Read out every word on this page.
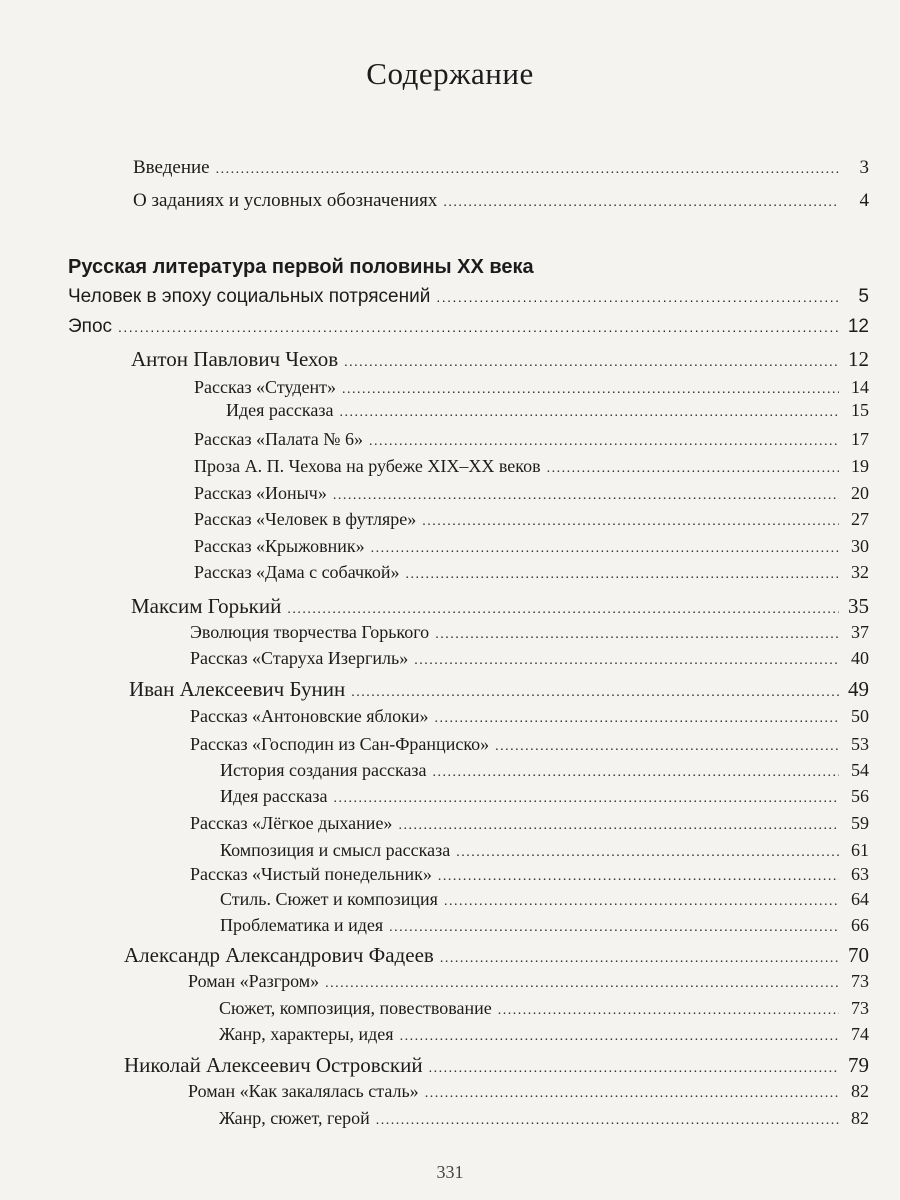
Содержание
Русская литература первой половины XX века
Введение .....	3
О заданиях и условных обозначениях .....	4
Человек в эпоху социальных потрясений .....	5
Эпос .....	12
Антон Павлович Чехов .....	12
Рассказ «Студент» .....	14
Идея рассказа .....	15
Рассказ «Палата № 6» .....	17
Проза А. П. Чехова на рубеже XIX–XX веков .....	19
Рассказ «Ионыч» .....	20
Рассказ «Человек в футляре» .....	27
Рассказ «Крыжовник» .....	30
Рассказ «Дама с собачкой» .....	32
Максим Горький .....	35
Эволюция творчества Горького .....	37
Рассказ «Старуха Изергиль» .....	40
Иван Алексеевич Бунин .....	49
Рассказ «Антоновские яблоки» .....	50
Рассказ «Господин из Сан-Франциско» .....	53
История создания рассказа .....	54
Идея рассказа .....	56
Рассказ «Лёгкое дыхание» .....	59
Композиция и смысл рассказа .....	61
Рассказ «Чистый понедельник» .....	63
Стиль. Сюжет и композиция .....	64
Проблематика и идея .....	66
Александр Александрович Фадеев .....	70
Роман «Разгром» .....	73
Сюжет, композиция, повествование .....	73
Жанр, характеры, идея .....	74
Николай Алексеевич Островский .....	79
Роман «Как закалялась сталь» .....	82
Жанр, сюжет, герой .....	82
331
